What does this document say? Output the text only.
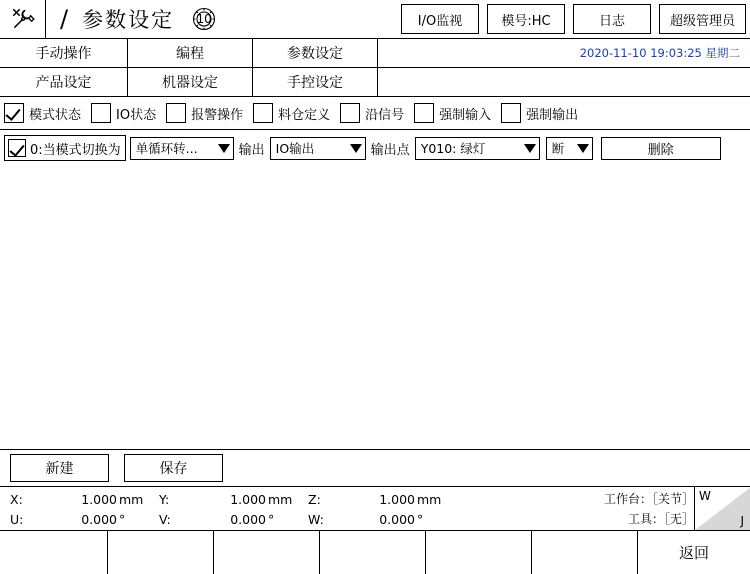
/ 参数设定	10	I/O监视	模号:HC	日志	超级管理员
手动操作	编程	参数设定	2020-11-10 19:03:25 星期二
产品设定	机器设定	手控设定
模式状态	IO状态	报警操作	料仓定义	沿信号	强制输入	强制输出
0:当模式切换为 单循环转...	输出 IO输出	输出点 Y010: 绿灯	断	删除
新建	保存
X:	1.000 mm	Y:	1.000 mm	Z:	1.000 mm
U:	0.000 °	V:	0.000 °	W:	0.000 °
工作台：［关节］
工具：［无］
W
J
返回
